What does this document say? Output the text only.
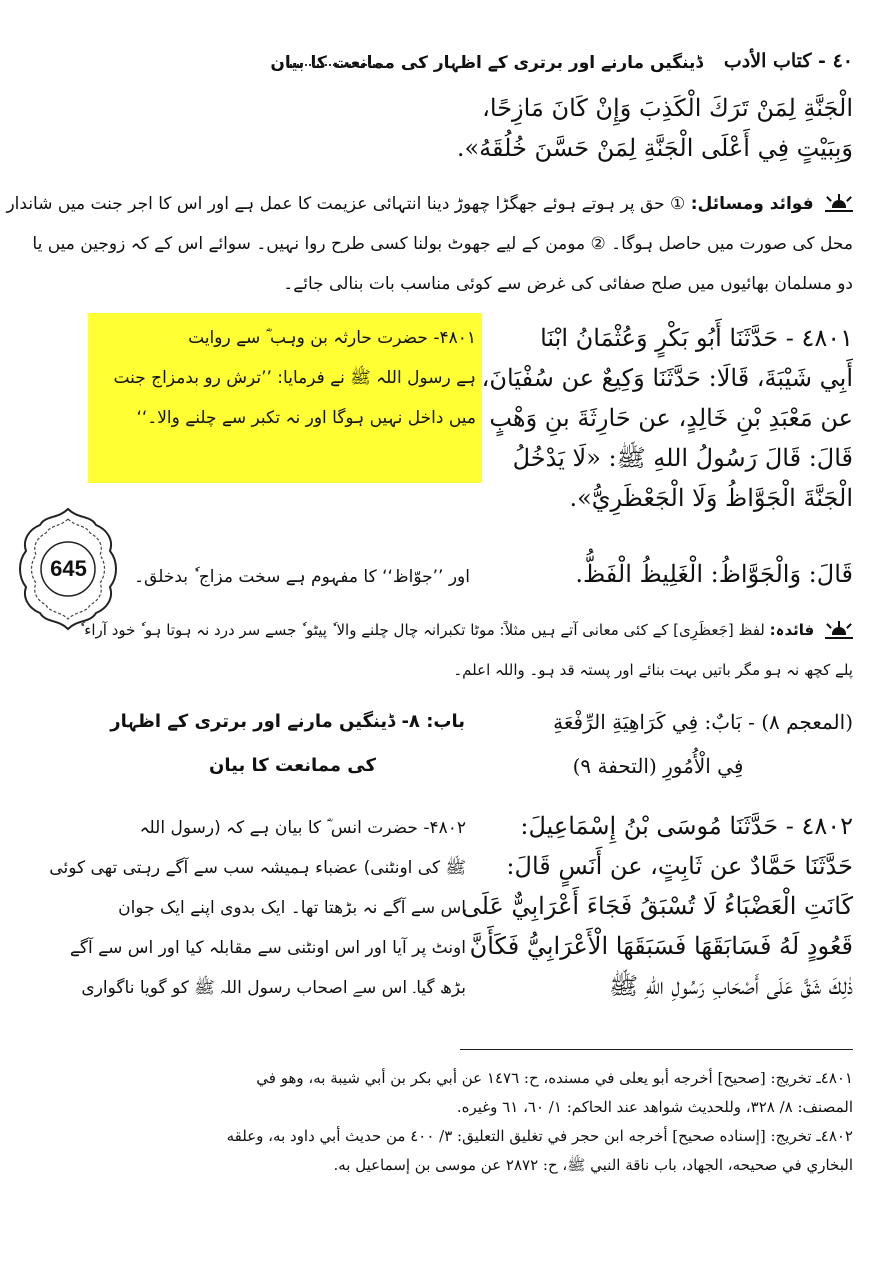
٤٠ - كتاب الأدب
ڈینگیں مارنے اور برتری کے اظہار کی ممانعت کا بیان
الْجَنَّةِ لِمَنْ تَرَكَ الْكَذِبَ وَإِنْ كَانَ مَازِحًا،
وَبِبَيْتٍ فِي أَعْلَى الْجَنَّةِ لِمَنْ حَسَّنَ خُلُقَهُ».
فوائد ومسائل: ① حق پر ہوتے ہوئے جھگڑا چھوڑ دینا انتہائی عزیمت کا عمل ہے اور اس کا اجر جنت میں شاندار
محل کی صورت میں حاصل ہوگا۔ ② مومن کے لیے جھوٹ بولنا کسی طرح روا نہیں۔ سوائے اس کے کہ زوجین میں یا
دو مسلمان بھائیوں میں صلح صفائی کی غرض سے کوئی مناسب بات بنالی جائے۔
۴۸۰۱- حضرت حارثہ بن وہب ؓ سے روایت
ہے رسول اللہ ﷺ نے فرمایا: ’’ترش رو بدمزاج جنت
میں داخل نہیں ہوگا اور نہ تکبر سے چلنے والا۔‘‘
٤٨٠١ - حَدَّثَنَا أَبُو بَكْرٍ وَعُثْمَانُ ابْنَا
أَبِي شَيْبَةَ، قَالَا: حَدَّثَنَا وَكِيعٌ عن سُفْيَانَ،
عن مَعْبَدِ بْنِ خَالِدٍ، عن حَارِثَةَ بنِ وَهْبٍ
قَالَ: قَالَ رَسُولُ اللهِ ﷺ: «لَا يَدْخُلُ
الْجَنَّةَ الْجَوَّاظُ وَلَا الْجَعْظَرِيُّ».
645	قَالَ: وَالْجَوَّاظُ: الْغَلِيظُ الْفَظُّ.
اور ’’جوّاظ‘‘ کا مفہوم ہے سخت مزاج ٗ بدخلق۔
فائدہ: لفظ [جَعظَرِی] کے کئی معانی آتے ہیں مثلاً: موٹا تکبرانہ چال چلنے والا ٗ پیٹو ٗ جسے سر درد نہ ہوتا ہو ٗ خود آراء ٗ
پلے کچھ نہ ہو مگر باتیں بہت بنائے اور پستہ قد ہو۔ واللہ اعلم۔
(المعجم ٨) - بَابٌ: فِي كَرَاهِيَةِ الرِّفْعَةِ
فِي الْأُمُورِ (التحفة ٩)
باب: ۸- ڈینگیں مارنے اور برتری کے اظہار
کی ممانعت کا بیان
٤٨٠٢ - حَدَّثَنَا مُوسَى بْنُ إِسْمَاعِيلَ:
حَدَّثَنَا حَمَّادٌ عن ثَابِتٍ، عن أَنَسٍ قَالَ:
كَانَتِ الْعَضْبَاءُ لَا تُسْبَقُ فَجَاءَ أَعْرَابِيٌّ عَلَى
قَعُودٍ لَهُ فَسَابَقَهَا فَسَبَقَهَا الْأَعْرَابِيُّ فَكَأَنَّ
ذٰلِكَ شَقَّ عَلَى أَصْحَابِ رَسُولِ اللهِ ﷺ
۴۸۰۲- حضرت انس ؓ کا بیان ہے کہ (رسول اللہ
ﷺ کی اونٹنی) عضباء ہمیشہ سب سے آگے رہتی تھی کوئی
اس سے آگے نہ بڑھتا تھا۔ ایک بدوی اپنے ایک جوان
اونٹ پر آیا اور اس اونٹنی سے مقابلہ کیا اور اس سے آگے
بڑھ گیا۔ اس سے اصحاب رسول اللہ ﷺ کو گویا ناگواری
٤٨٠١ـ تخريج: [صحيح] أخرجه أبو يعلى في مسنده، ح: ١٤٧٦ عن أبي بكر بن أبي شيبة به، وهو في
المصنف: ٨/ ٣٢٨، وللحديث شواهد عند الحاكم: ١/ ٦٠، ٦١ وغيره.
٤٨٠٢ـ تخريج: [إسناده صحيح] أخرجه ابن حجر في تغليق التعليق: ٣/ ٤٠٠ من حديث أبي داود به، وعلقه
البخاري في صحيحه، الجهاد، باب ناقة النبي ﷺ، ح: ٢٨٧٢ عن موسى بن إسماعيل به.
